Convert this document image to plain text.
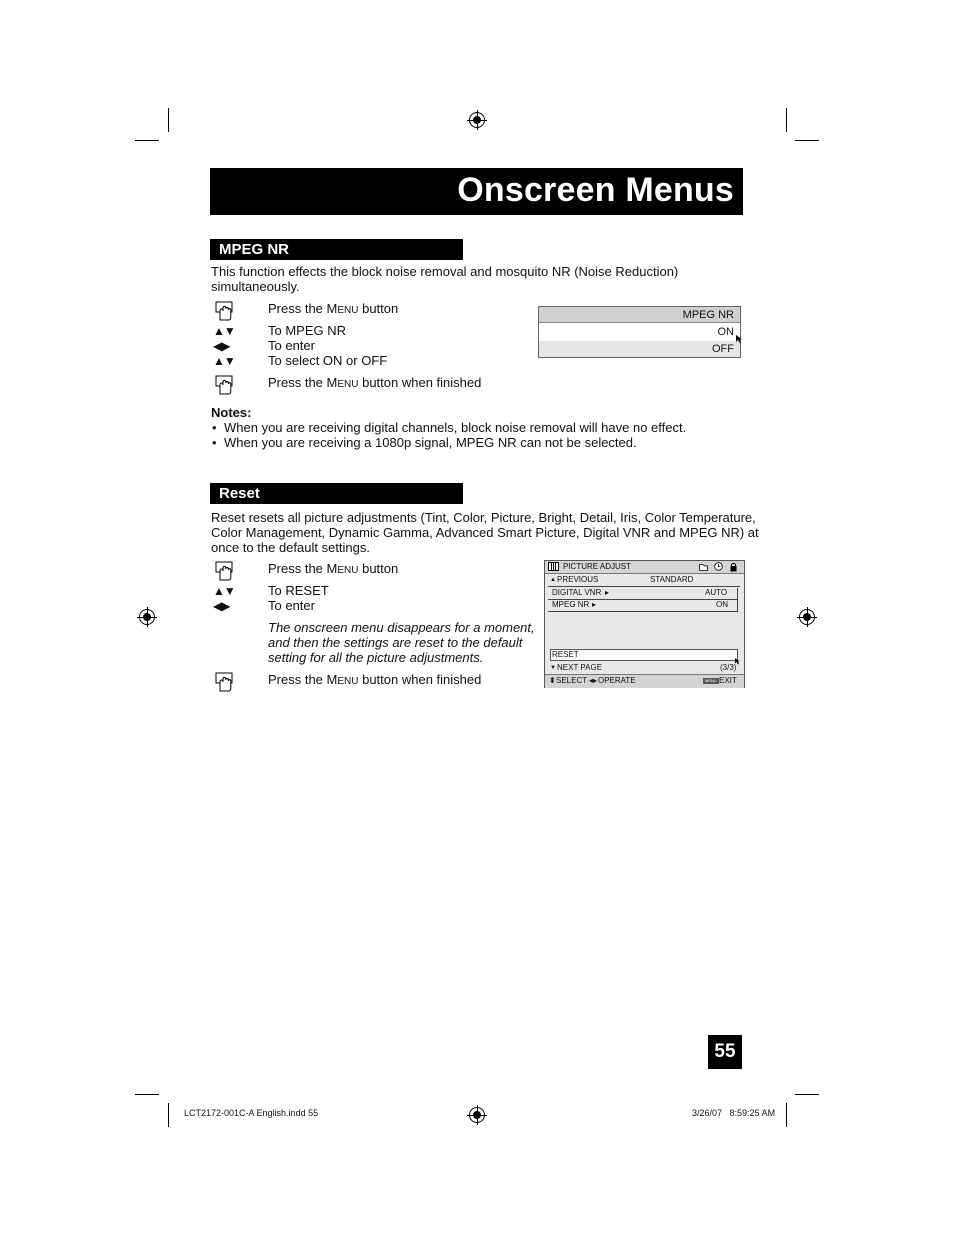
Onscreen Menus
MPEG NR
This function effects the block noise removal and mosquito NR (Noise Reduction)
simultaneously.
Press the MENU button
▲▼	To MPEG NR
◀▶	To enter
▲▼	To select ON or OFF
Press the MENU button when finished
MPEG NR
ON
OFF
Notes:
• When you are receiving digital channels, block noise removal will have no effect.
• When you are receiving a 1080p signal, MPEG NR can not be selected.
Reset
Reset resets all picture adjustments (Tint, Color, Picture, Bright, Detail, Iris, Color Temperature,
Color Management, Dynamic Gamma, Advanced Smart Picture, Digital VNR and MPEG NR) at
once to the default settings.
Press the MENU button
▲▼	To RESET
◀▶	To enter
The onscreen menu disappears for a moment,
and then the settings are reset to the default
setting for all the picture adjustments.
Press the MENU button when finished
PICTURE ADJUST
▲ PREVIOUS	STANDARD
DIGITAL VNR ▸	AUTO
MPEG NR ▸	ON
RESET
▼ NEXT PAGE	(3/3)
⬍ SELECT ◂▸ OPERATE	MENU EXIT
55
LCT2172-001C-A English.indd 55	3/26/07   8:59:25 AM
